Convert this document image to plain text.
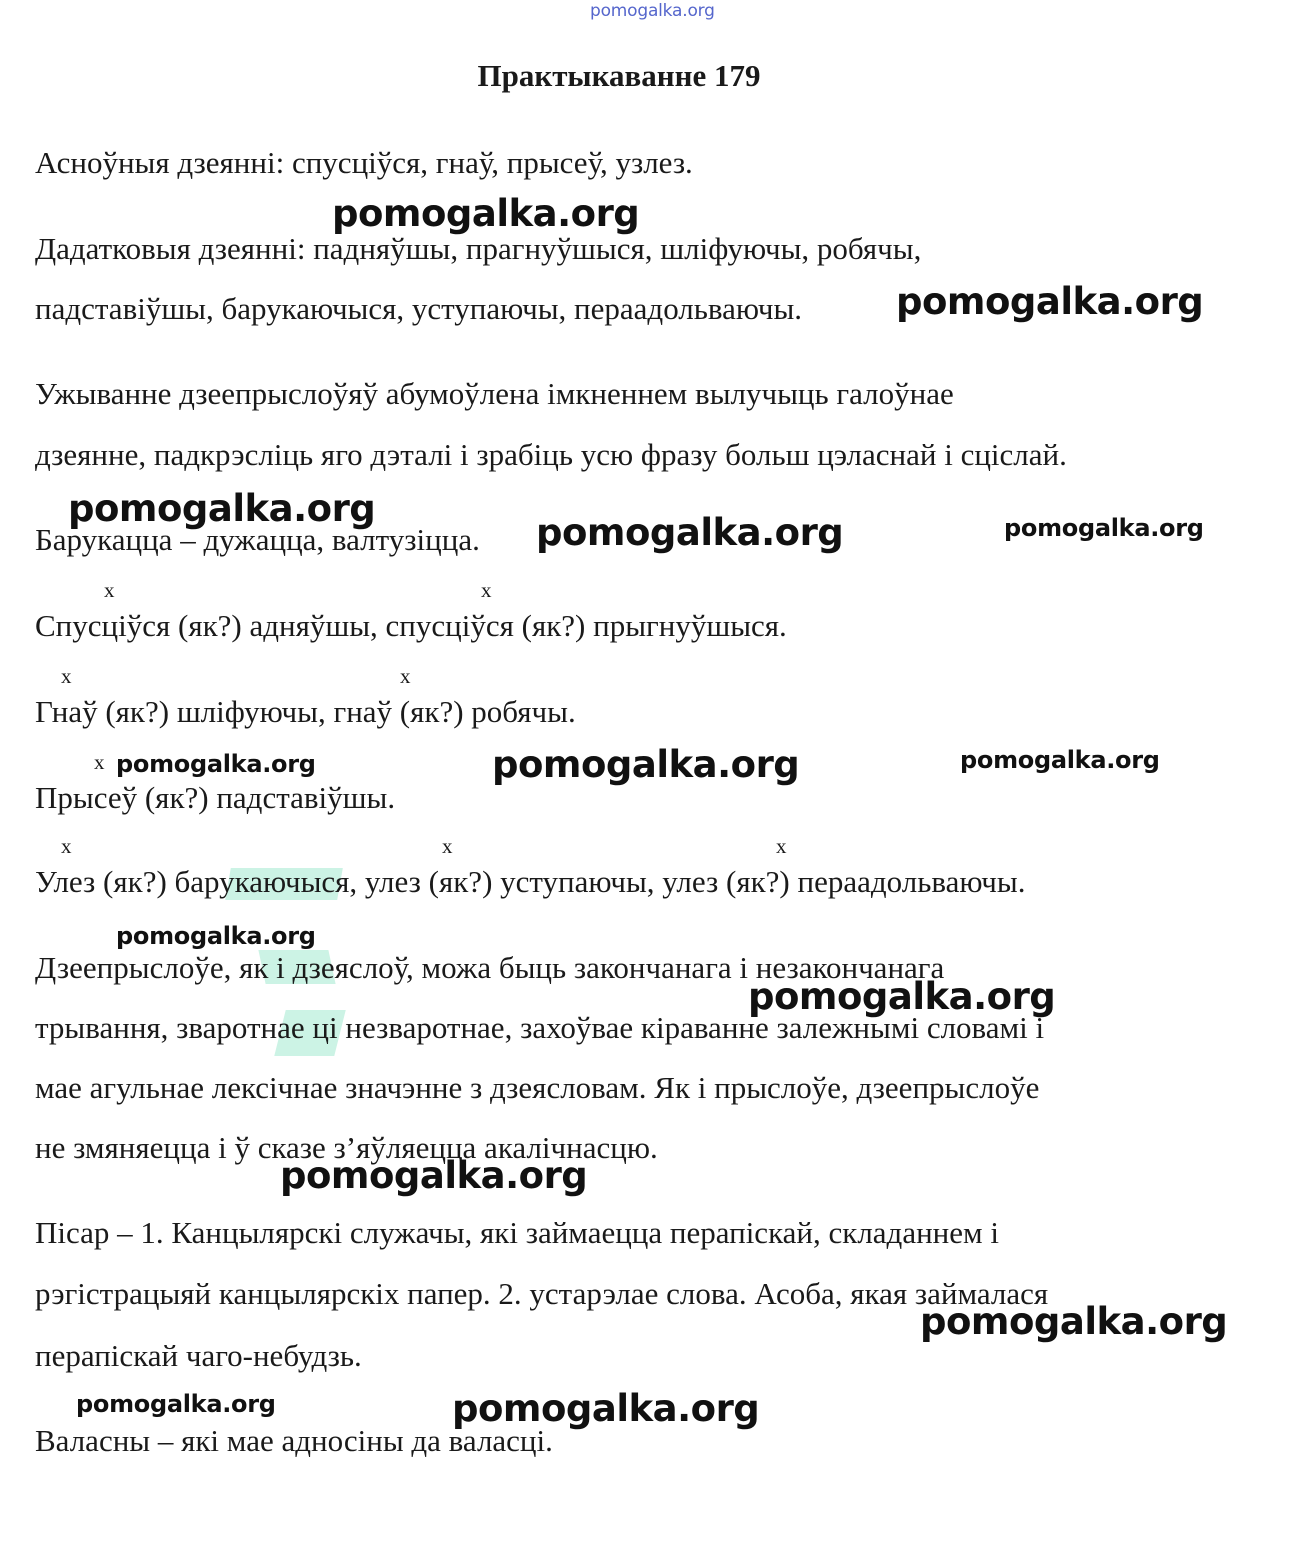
pomogalka.org
Практыкаванне 179
Асноўныя дзеянні: спусціўся, гнаў, прысеў, узлез.
Дадатковыя дзеянні: падняўшы, прагнуўшыся, шліфуючы, робячы,
падставіўшы, барукаючыся, уступаючы, пераадольваючы.
Ужыванне дзеепрыслоўяў абумоўлена імкненнем вылучыць галоўнае
дзеянне, падкрэсліць яго дэталі і зрабіць усю фразу больш цэласнай і сціслай.
Барукацца – дужацца, валтузіцца.
x	x
Спусціўся (як?) адняўшы, спусціўся (як?) прыгнуўшыся.
x	x
Гнаў (як?) шліфуючы, гнаў (як?) робячы.
x
Прысеў (як?) падставіўшы.
x	x	x
Улез (як?) барукаючыся, улез (як?) уступаючы, улез (як?) пераадольваючы.
Дзеепрыслоўе, як і дзеяслоў, можа быць закончанага і незакончанага
трывання, зваротнае ці незваротнае, захоўвае кіраванне залежнымі словамі і
мае агульнае лексічнае значэнне з дзеясловам. Як і прыслоўе, дзеепрыслоўе
не змяняецца і ў сказе з’яўляецца акалічнасцю.
Пісар – 1. Канцылярскі служачы, які займаецца перапіскай, складаннем і
рэгістрацыяй канцылярскіх папер. 2. устарэлае слова. Асоба, якая займалася
перапіскай чаго-небудзь.
Валасны – які мае адносіны да валасці.
pomogalka.org
pomogalka.org
pomogalka.org
pomogalka.org	pomogalka.org
pomogalka.org	pomogalka.org	pomogalka.org
pomogalka.org
pomogalka.org
pomogalka.org
pomogalka.org
pomogalka.org	pomogalka.org
